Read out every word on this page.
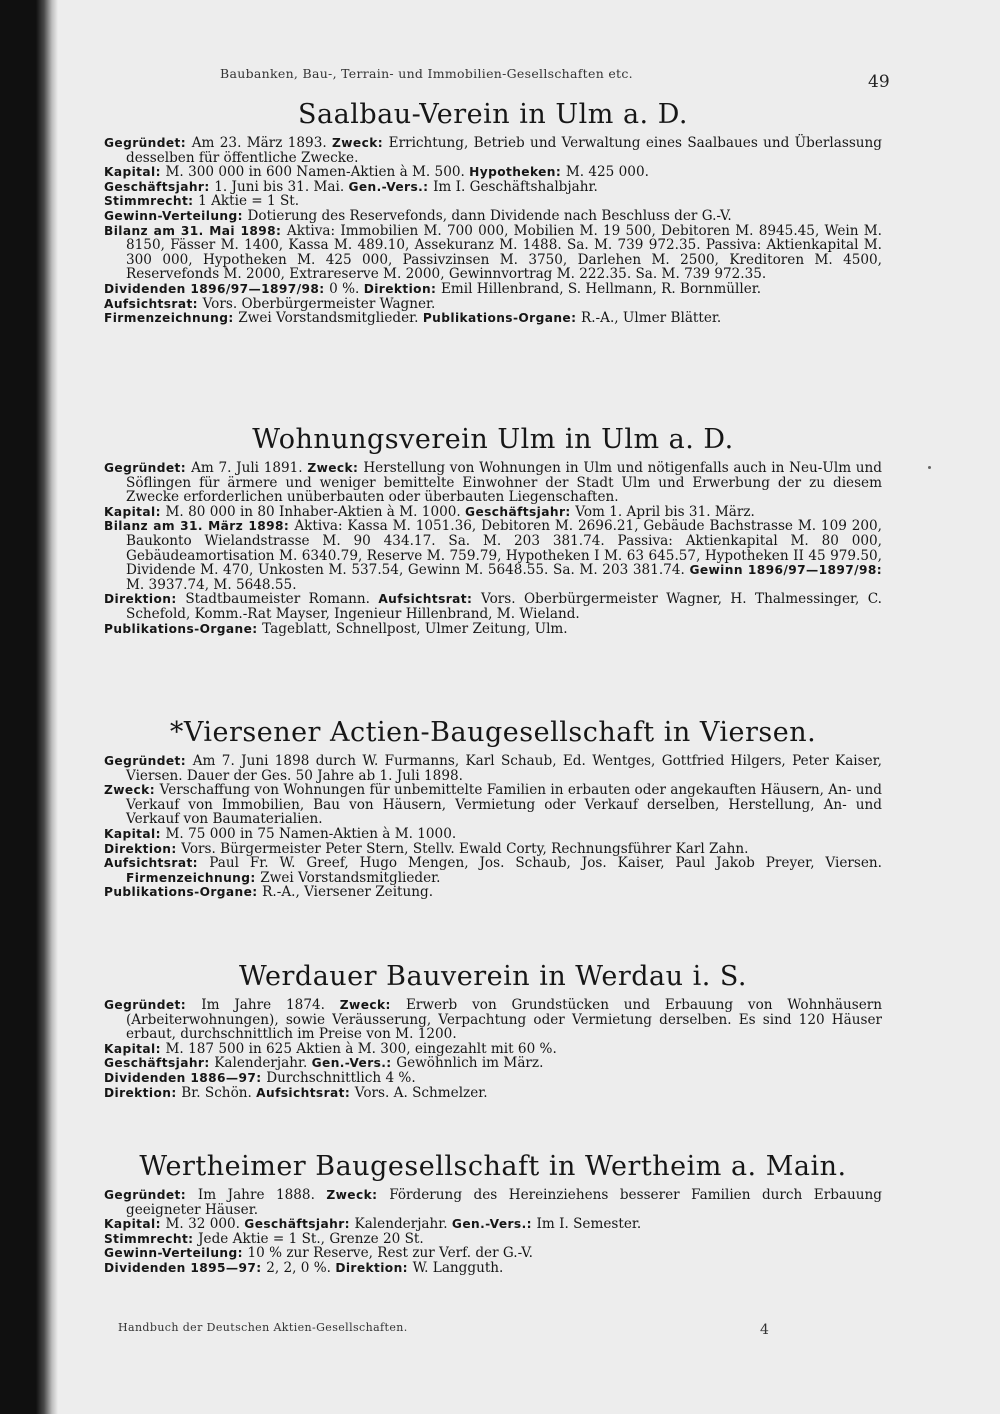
Baubanken, Bau-, Terrain- und Immobilien-Gesellschaften etc.	49
Saalbau-Verein in Ulm a. D.

Gegründet: Am 23. März 1893. Zweck: Errichtung, Betrieb und Verwaltung eines Saalbaues und Überlassung desselben für öffentliche Zwecke.

Kapital: M. 300 000 in 600 Namen-Aktien à M. 500. Hypotheken: M. 425 000.

Geschäftsjahr: 1. Juni bis 31. Mai. Gen.-Vers.: Im I. Geschäftshalbjahr.

Stimmrecht: 1 Aktie = 1 St.

Gewinn-Verteilung: Dotierung des Reservefonds, dann Dividende nach Beschluss der G.-V.

Bilanz am 31. Mai 1898: Aktiva: Immobilien M. 700 000, Mobilien M. 19 500, Debitoren M. 8945.45, Wein M. 8150, Fässer M. 1400, Kassa M. 489.10, Assekuranz M. 1488. Sa. M. 739 972.35. Passiva: Aktienkapital M. 300 000, Hypotheken M. 425 000, Passivzinsen M. 3750, Darlehen M. 2500, Kreditoren M. 4500, Reservefonds M. 2000, Extrareserve M. 2000, Gewinnvortrag M. 222.35. Sa. M. 739 972.35.

Dividenden 1896/97—1897/98: 0 %. Direktion: Emil Hillenbrand, S. Hellmann, R. Bornmüller.

Aufsichtsrat: Vors. Oberbürgermeister Wagner.

Firmenzeichnung: Zwei Vorstandsmitglieder. Publikations-Organe: R.-A., Ulmer Blätter.

Wohnungsverein Ulm in Ulm a. D.

Gegründet: Am 7. Juli 1891. Zweck: Herstellung von Wohnungen in Ulm und nötigenfalls auch in Neu-Ulm und Söflingen für ärmere und weniger bemittelte Einwohner der Stadt Ulm und Erwerbung der zu diesem Zwecke erforderlichen unüberbauten oder überbauten Liegenschaften.

Kapital: M. 80 000 in 80 Inhaber-Aktien à M. 1000. Geschäftsjahr: Vom 1. April bis 31. März.

Bilanz am 31. März 1898: Aktiva: Kassa M. 1051.36, Debitoren M. 2696.21, Gebäude Bachstrasse M. 109 200, Baukonto Wielandstrasse M. 90 434.17. Sa. M. 203 381.74. Passiva: Aktienkapital M. 80 000, Gebäudeamortisation M. 6340.79, Reserve M. 759.79, Hypotheken I M. 63 645.57, Hypotheken II 45 979.50, Dividende M. 470, Unkosten M. 537.54, Gewinn M. 5648.55. Sa. M. 203 381.74. Gewinn 1896/97—1897/98: M. 3937.74, M. 5648.55.

Direktion: Stadtbaumeister Romann. Aufsichtsrat: Vors. Oberbürgermeister Wagner, H. Thalmessinger, C. Schefold, Komm.-Rat Mayser, Ingenieur Hillenbrand, M. Wieland.

Publikations-Organe: Tageblatt, Schnellpost, Ulmer Zeitung, Ulm.

*Viersener Actien-Baugesellschaft in Viersen.

Gegründet: Am 7. Juni 1898 durch W. Furmanns, Karl Schaub, Ed. Wentges, Gottfried Hilgers, Peter Kaiser, Viersen. Dauer der Ges. 50 Jahre ab 1. Juli 1898.

Zweck: Verschaffung von Wohnungen für unbemittelte Familien in erbauten oder angekauften Häusern, An- und Verkauf von Immobilien, Bau von Häusern, Vermietung oder Verkauf derselben, Herstellung, An- und Verkauf von Baumaterialien.

Kapital: M. 75 000 in 75 Namen-Aktien à M. 1000.

Direktion: Vors. Bürgermeister Peter Stern, Stellv. Ewald Corty, Rechnungsführer Karl Zahn.

Aufsichtsrat: Paul Fr. W. Greef, Hugo Mengen, Jos. Schaub, Jos. Kaiser, Paul Jakob Preyer, Viersen. Firmenzeichnung: Zwei Vorstandsmitglieder.

Publikations-Organe: R.-A., Viersener Zeitung.

Werdauer Bauverein in Werdau i. S.

Gegründet: Im Jahre 1874. Zweck: Erwerb von Grundstücken und Erbauung von Wohnhäusern (Arbeiterwohnungen), sowie Veräusserung, Verpachtung oder Vermietung derselben. Es sind 120 Häuser erbaut, durchschnittlich im Preise von M. 1200.

Kapital: M. 187 500 in 625 Aktien à M. 300, eingezahlt mit 60 %.

Geschäftsjahr: Kalenderjahr. Gen.-Vers.: Gewöhnlich im März.

Dividenden 1886—97: Durchschnittlich 4 %.

Direktion: Br. Schön. Aufsichtsrat: Vors. A. Schmelzer.

Wertheimer Baugesellschaft in Wertheim a. Main.

Gegründet: Im Jahre 1888. Zweck: Förderung des Hereinziehens besserer Familien durch Erbauung geeigneter Häuser.

Kapital: M. 32 000. Geschäftsjahr: Kalenderjahr. Gen.-Vers.: Im I. Semester.

Stimmrecht: Jede Aktie = 1 St., Grenze 20 St.

Gewinn-Verteilung: 10 % zur Reserve, Rest zur Verf. der G.-V.

Dividenden 1895—97: 2, 2, 0 %. Direktion: W. Langguth.

Handbuch der Deutschen Aktien-Gesellschaften.	4
